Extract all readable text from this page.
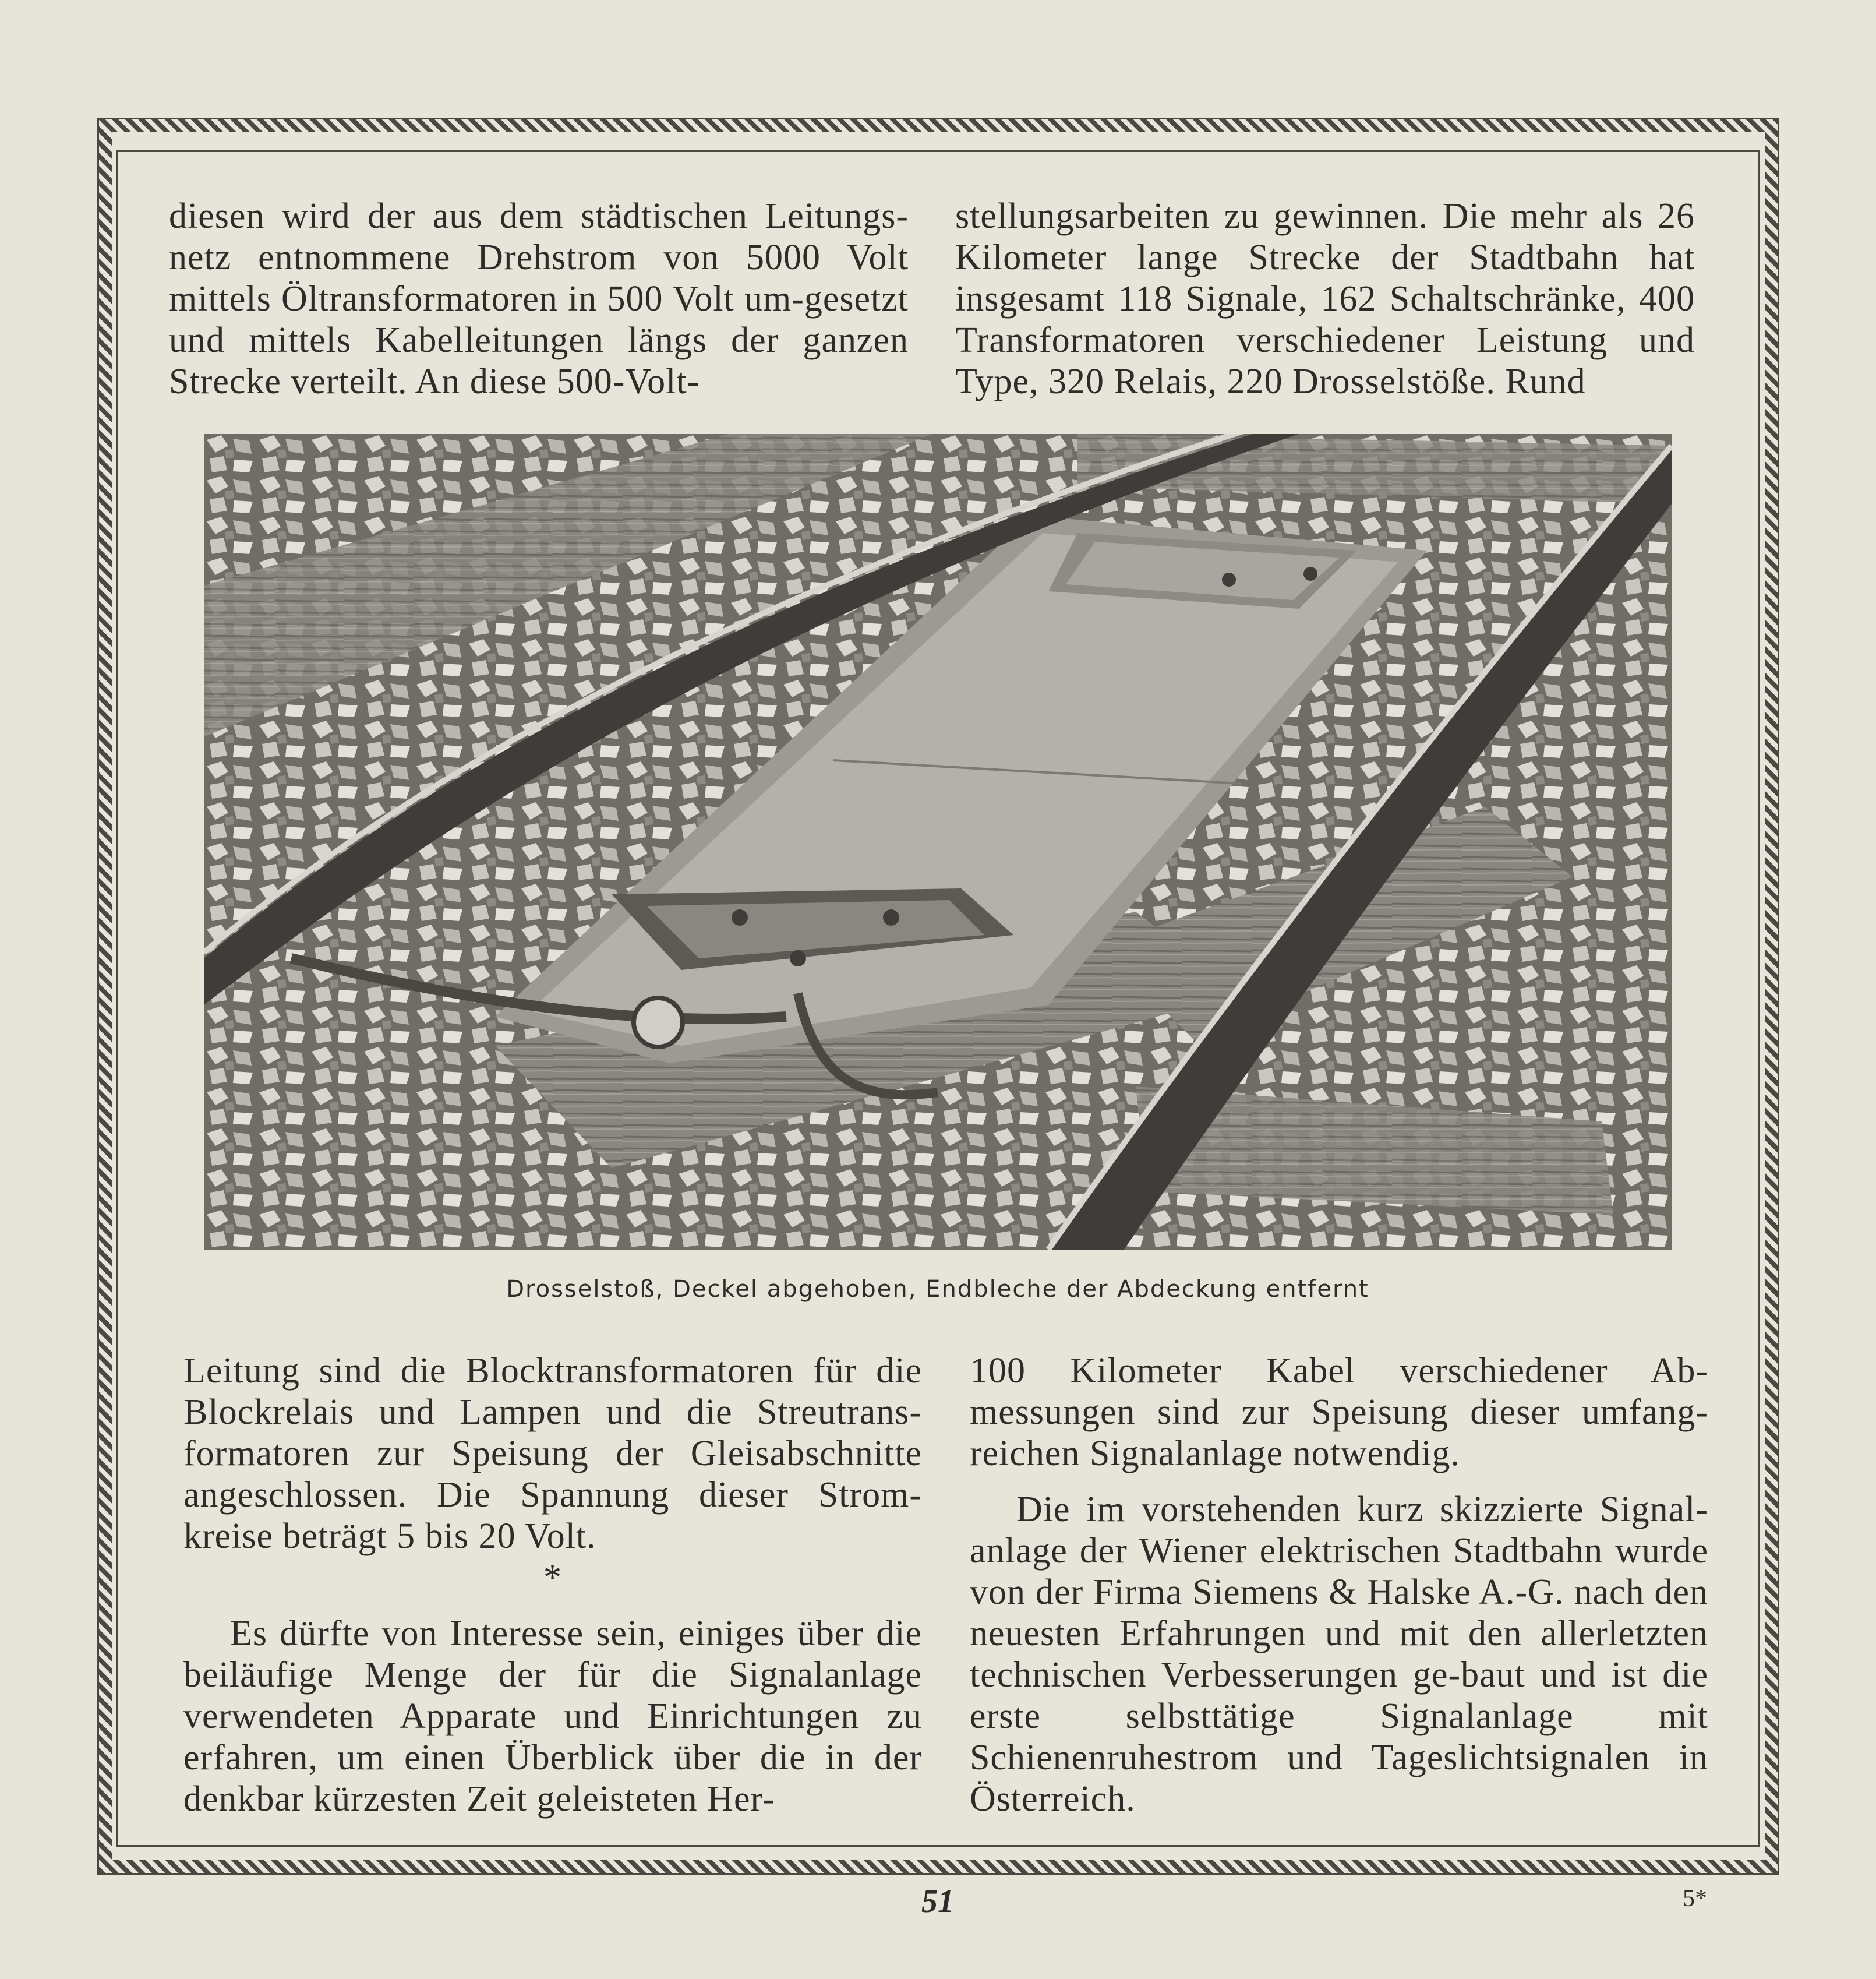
diesen wird der aus dem städtischen Leitungs-netz entnommene Drehstrom von 5000 Volt mittels Öltransformatoren in 500 Volt um-gesetzt und mittels Kabelleitungen längs der ganzen Strecke verteilt. An diese 500-Volt-

stellungsarbeiten zu gewinnen. Die mehr als 26 Kilometer lange Strecke der Stadtbahn hat insgesamt 118 Signale, 162 Schaltschränke, 400 Transformatoren verschiedener Leistung und Type, 320 Relais, 220 Drosselstöße. Rund

Drosselstoß, Deckel abgehoben, Endbleche der Abdeckung entfernt

Leitung sind die Blocktransformatoren für die Blockrelais und Lampen und die Streutrans-formatoren zur Speisung der Gleisabschnitte angeschlossen. Die Spannung dieser Strom-kreise beträgt 5 bis 20 Volt.

*

Es dürfte von Interesse sein, einiges über die beiläufige Menge der für die Signalanlage verwendeten Apparate und Einrichtungen zu erfahren, um einen Überblick über die in der denkbar kürzesten Zeit geleisteten Her-

100 Kilometer Kabel verschiedener Ab-messungen sind zur Speisung dieser umfang-reichen Signalanlage notwendig.

Die im vorstehenden kurz skizzierte Signal-anlage der Wiener elektrischen Stadtbahn wurde von der Firma Siemens & Halske A.-G. nach den neuesten Erfahrungen und mit den allerletzten technischen Verbesserungen ge-baut und ist die erste selbsttätige Signalanlage mit Schienenruhestrom und Tageslichtsignalen in Österreich.

51	5*
